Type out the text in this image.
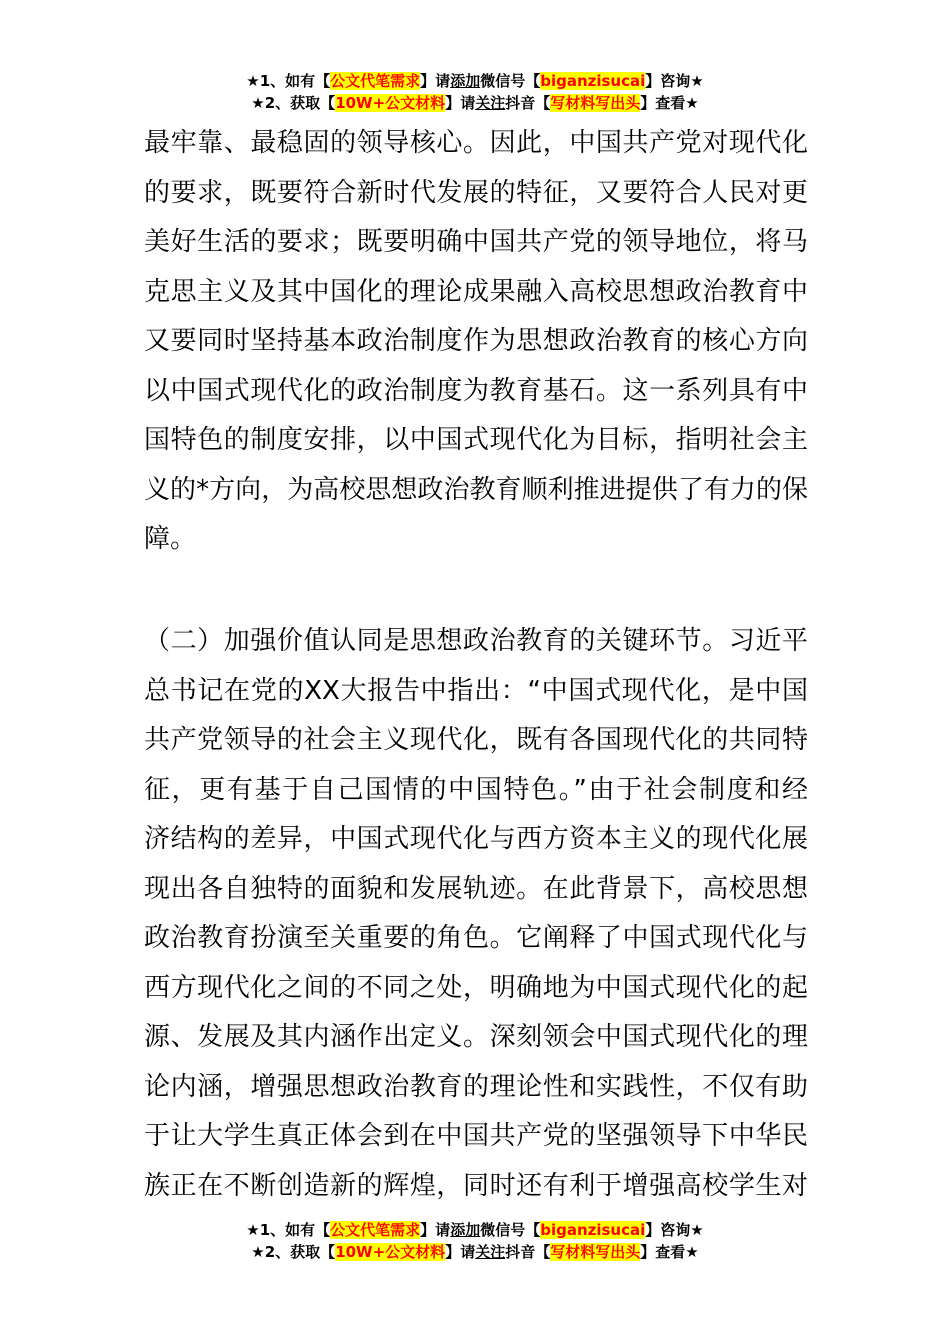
★1、如有【公文代笔需求】请添加微信号【biganzisucai】咨询★
★2、获取【10W+公文材料】请关注抖音【写材料写出头】查看★
最牢靠、最稳固的领导核心。因此，中国共产党对现代化
的要求，既要符合新时代发展的特征，又要符合人民对更
美好生活的要求；既要明确中国共产党的领导地位，将马
克思主义及其中国化的理论成果融入高校思想政治教育中
又要同时坚持基本政治制度作为思想政治教育的核心方向
以中国式现代化的政治制度为教育基石。这一系列具有中
国特色的制度安排，以中国式现代化为目标，指明社会主
义的*方向，为高校思想政治教育顺利推进提供了有力的保
障。
（二）加强价值认同是思想政治教育的关键环节。习近平
总书记在党的XX大报告中指出：“中国式现代化，是中国
共产党领导的社会主义现代化，既有各国现代化的共同特
征，更有基于自己国情的中国特色。”由于社会制度和经
济结构的差异，中国式现代化与西方资本主义的现代化展
现出各自独特的面貌和发展轨迹。在此背景下，高校思想
政治教育扮演至关重要的角色。它阐释了中国式现代化与
西方现代化之间的不同之处，明确地为中国式现代化的起
源、发展及其内涵作出定义。深刻领会中国式现代化的理
论内涵，增强思想政治教育的理论性和实践性，不仅有助
于让大学生真正体会到在中国共产党的坚强领导下中华民
族正在不断创造新的辉煌，同时还有利于增强高校学生对
★1、如有【公文代笔需求】请添加微信号【biganzisucai】咨询★
★2、获取【10W+公文材料】请关注抖音【写材料写出头】查看★
